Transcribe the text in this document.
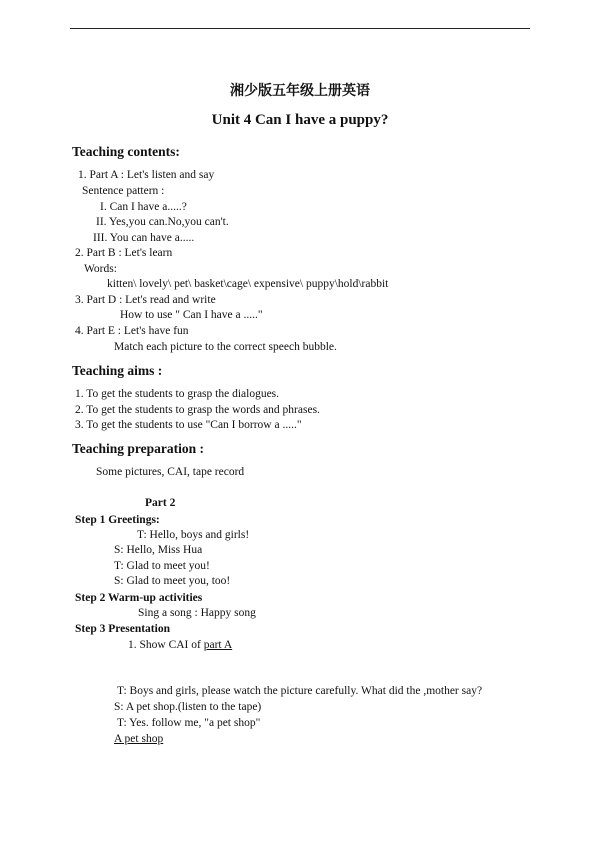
湘少版五年级上册英语
Unit 4 Can I have a puppy?
Teaching contents:
1. Part A : Let's listen and say
Sentence pattern :
I. Can I have a.....?
II. Yes,you can.No,you can't.
III. You can have a.....
2. Part B : Let's learn
Words:
kitten\ lovely\ pet\ basket\cage\ expensive\ puppy\hold\rabbit
3. Part D : Let's read and write
How to use " Can I have a ....."
4. Part E : Let's have fun
Match each picture to the correct speech bubble.
Teaching aims :
1. To get the students to grasp the dialogues.
2. To get the students to grasp the words and phrases.
3. To get the students to use "Can I borrow a ....."
Teaching preparation :
Some pictures, CAI, tape record
Part 2
Step 1 Greetings:
T: Hello, boys and girls!
S: Hello, Miss Hua
T: Glad to meet you!
S: Glad to meet you, too!
Step 2 Warm-up activities
Sing a song : Happy song
Step 3 Presentation
1. Show CAI of part A
T: Boys and girls, please watch the picture carefully. What did the ,mother say?
S: A pet shop.(listen to the tape)
T: Yes. follow me, "a pet shop"
A pet shop
